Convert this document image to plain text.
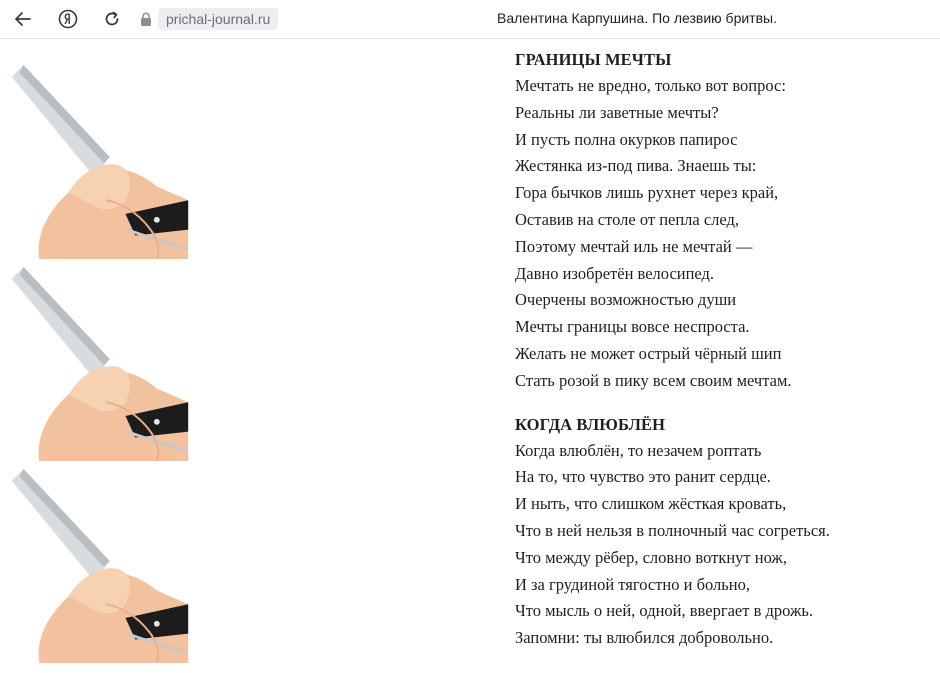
prichal-journal.ru	Валентина Карпушина. По лезвию бритвы.

ГРАНИЦЫ МЕЧТЫ

Мечтать не вредно, только вот вопрос:

Реальны ли заветные мечты?

И пусть полна окурков папирос

Жестянка из-под пива. Знаешь ты:

Гора бычков лишь рухнет через край,

Оставив на столе от пепла след,

Поэтому мечтай иль не мечтай —

Давно изобретён велосипед.

Очерчены возможностью души

Мечты границы вовсе неспроста.

Желать не может острый чёрный шип

Стать розой в пику всем своим мечтам.

КОГДА ВЛЮБЛЁН

Когда влюблён, то незачем роптать

На то, что чувство это ранит сердце.

И ныть, что слишком жёсткая кровать,

Что в ней нельзя в полночный час согреться.

Что между рёбер, словно воткнут нож,

И за грудиной тягостно и больно,

Что мысль о ней, одной, ввергает в дрожь.

Запомни: ты влюбился добровольно.
